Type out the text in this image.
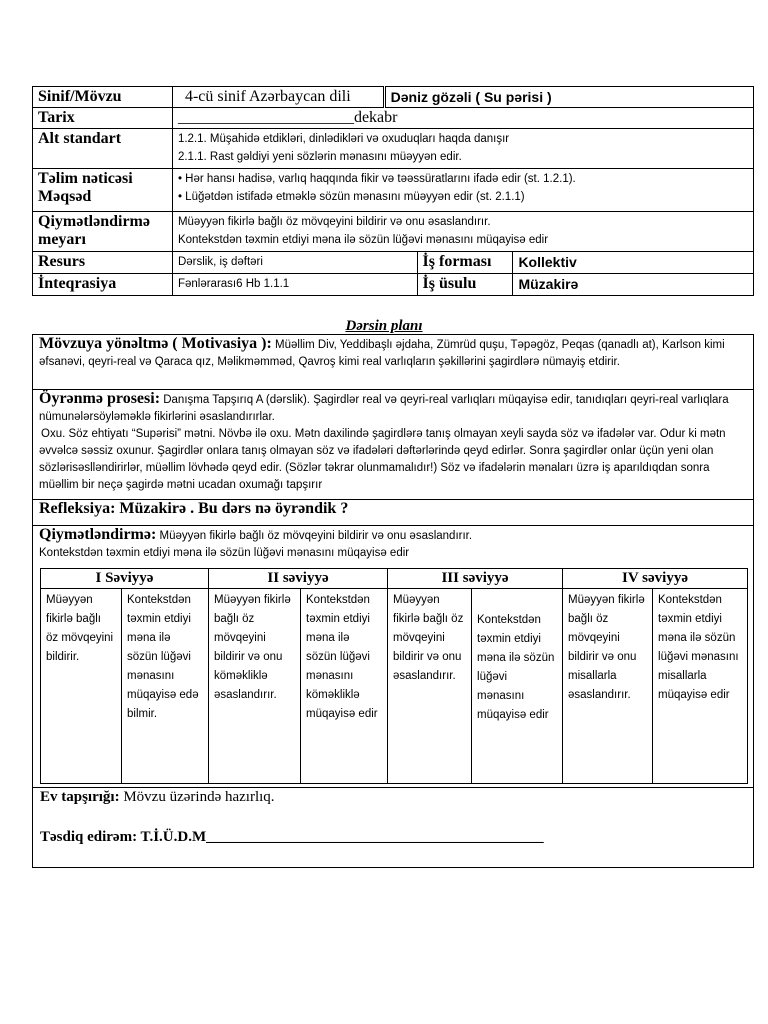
Sinif/Mövzu	4-cü sinif Azərbaycan dili	Dəniz gözəli ( Su pərisi )		
Tarix	______________________dekabr			
Alt standart	1.2.1. Müşahidə etdikləri, dinlədikləri və oxuduqları haqda danışır
2.1.1. Rast gəldiyi yeni sözlərin mənasını müəyyən edir.			

Təlim nəticəsi Məqsəd	• Hər hansı hadisə, varlıq haqqında fikir və təəssüratlarını ifadə edir (st. 1.2.1).
• Lüğətdən istifadə etməklə sözün mənasını müəyyən edir (st. 2.1.1)			

Qiymətləndirmə meyarı	Müəyyən fikirlə bağlı öz mövqeyini bildirir və onu əsaslandırır.
Kontekstdən təxmin etdiyi mənа ilə sözün lüğəvi mənasını müqayisə edir			

Resurs	Dərslik, iş dəftəri		İş forması	Kollektiv
İnteqrasiya	Fənlərarası6 Hb 1.1.1		İş üsulu	Müzakirə
Dərsin planı

Mövzuya yönəltmə ( Motivasiya ): Müəllim Div, Yeddibaşlı əjdaha, Zümrüd quşu, Təpəgöz, Peqas (qanadlı at), Karlson kimi əfsanəvi, qeyri-real və Qaraca qız, Məlikməmməd, Qavroş kimi real varlıqların şəkillərini şagirdlərə nümayiş etdirir.

Öyrənmə prosesi: Danışma Tapşırıq A (dərslik). Şagirdlər real və qeyri-real varlıqları müqayisə edir, tanıdıqları qeyri-real varlıqlara nümunələrsöyləməklə fikirlərini əsaslandırırlar.

Oxu. Söz ehtiyatı “Supərisi” mətni. Növbə ilə oxu. Mətn daxilində şagirdlərə tanış olmayan xeyli sayda söz və ifadələr var. Odur ki mətn əvvəlcə səssiz oxunur. Şagirdlər onlara tanış olmayan söz və ifadələri dəftərlərində qeyd edirlər. Sonra şagirdlər onlar üçün yeni olan sözlərisəslləndirirlər, müəllim lövhədə qeyd edir. (Sözlər təkrar olunmamalıdır!) Söz və ifadələrin mənaları üzrə iş aparıldıqdan sonra müəllim bir neçə şagirdə mətni ucadan oxumağı tapşırır

Refleksiya: Müzakirə . Bu dərs nə öyrəndik ?

Qiymətləndirmə: Müəyyən fikirlə bağlı öz mövqeyini bildirir və onu əsaslandırır.

Kontekstdən təxmin etdiyi mənа ilə sözün lüğəvi mənasını müqayisə edir

I Səviyyə		II səviyyə		III səviyyə		IV səviyyə	
Müəyyən fikirlə bağlı öz mövqeyini bildirir.	Kontekstdən təxmin etdiyi mənа ilə sözün lüğəvi mənasını müqayisə edə bilmir.	Müəyyən fikirlə bağlı öz mövqeyini bildirir və onu köməkliklə əsaslandırır.	Kontekstdən təxmin etdiyi mənа ilə sözün lüğəvi mənasını köməkliklə müqayisə edir	Müəyyən fikirlə bağlı öz mövqeyini bildirir və onu əsaslandırır.	Kontekstdən təxmin etdiyi mənа ilə sözün lüğəvi mənasını müqayisə edir	Müəyyən fikirlə bağlı öz mövqeyini bildirir və onu misallarla əsaslandırır.	Kontekstdən təxmin etdiyi mənа ilə sözün lüğəvi mənasını misallarla müqayisə edir
Ev tapşırığı: Mövzu üzərində hazırlıq.
Təsdiq edirəm: T.İ.Ü.D.M_____________________________________________
